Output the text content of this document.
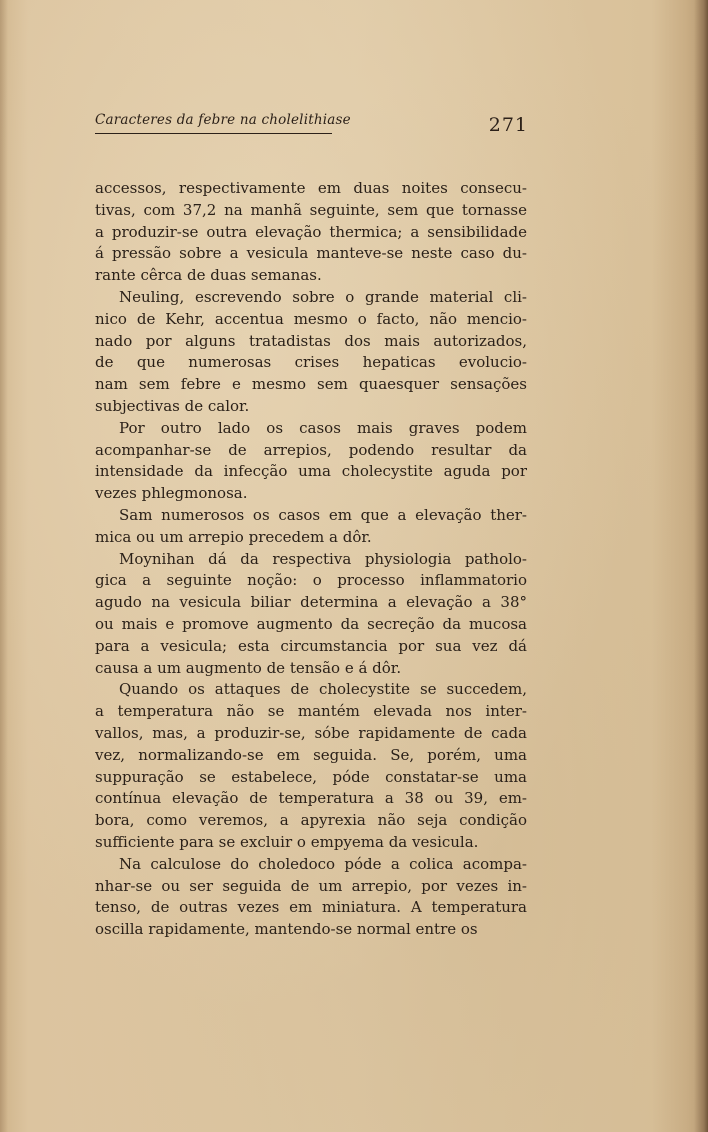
Caracteres da febre na cholelithiase	271
accessos, respectivamente em duas noites consecu-
tivas, com 37,2 na manhã seguinte, sem que tornasse
a produzir-se outra elevação thermica; a sensibilidade
á pressão sobre a vesicula manteve-se neste caso du-
rante cêrca de duas semanas.
Neuling, escrevendo sobre o grande material cli-
nico de Kehr, accentua mesmo o facto, não mencio-
nado por alguns tratadistas dos mais autorizados,
de que numerosas crises hepaticas evolucio-
nam sem febre e mesmo sem quaesquer sensações
subjectivas de calor.
Por outro lado os casos mais graves podem
acompanhar-se de arrepios, podendo resultar da
intensidade da infecção uma cholecystite aguda por
vezes phlegmonosa.
Sam numerosos os casos em que a elevação ther-
mica ou um arrepio precedem a dôr.
Moynihan dá da respectiva physiologia patholo-
gica a seguinte noção: o processo inflammatorio
agudo na vesicula biliar determina a elevação a 38°
ou mais e promove augmento da secreção da mucosa
para a vesicula; esta circumstancia por sua vez dá
causa a um augmento de tensão e á dôr.
Quando os attaques de cholecystite se succedem,
a temperatura não se mantém elevada nos inter-
vallos, mas, a produzir-se, sóbe rapidamente de cada
vez, normalizando-se em seguida. Se, porém, uma
suppuração se estabelece, póde constatar-se uma
contínua elevação de temperatura a 38 ou 39, em-
bora, como veremos, a apyrexia não seja condição
sufficiente para se excluir o empyema da vesicula.
Na calculose do choledoco póde a colica acompa-
nhar-se ou ser seguida de um arrepio, por vezes in-
tenso, de outras vezes em miniatura. A temperatura
oscilla rapidamente, mantendo-se normal entre os
